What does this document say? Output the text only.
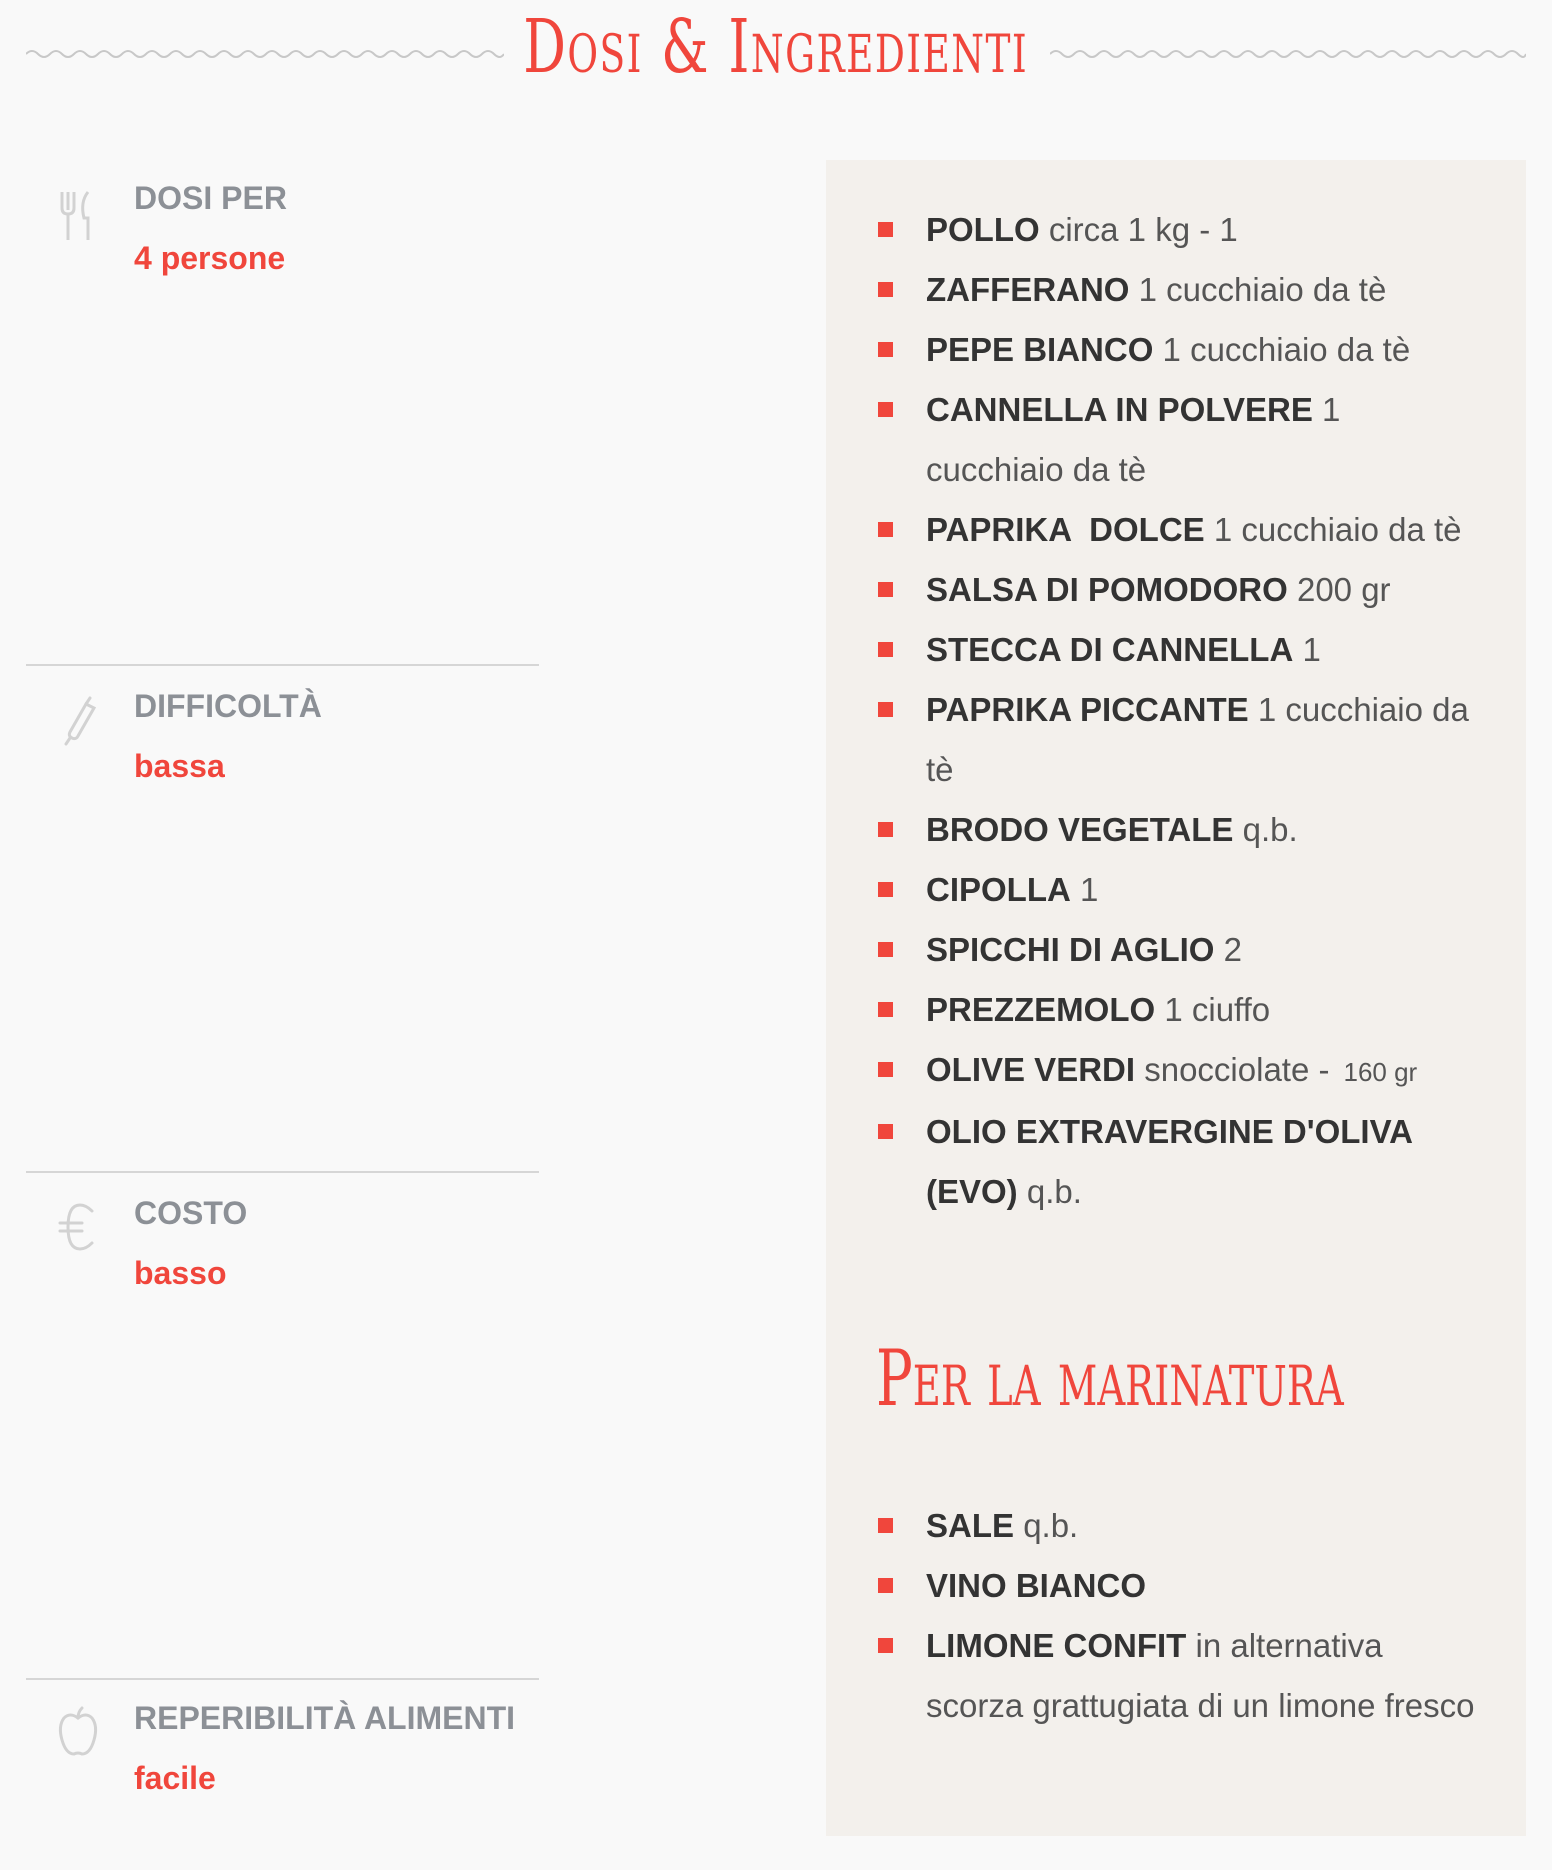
Dosi & Ingredienti
DOSI PER
4 persone
DIFFICOLTÀ
bassa
COSTO
basso
REPERIBILITÀ ALIMENTI
facile
POLLO circa 1 kg - 1
ZAFFERANO 1 cucchiaio da tè
PEPE BIANCO 1 cucchiaio da tè
CANNELLA IN POLVERE 1 cucchiaio da tè
PAPRIKA  DOLCE 1 cucchiaio da tè
SALSA DI POMODORO 200 gr
STECCA DI CANNELLA 1
PAPRIKA PICCANTE 1 cucchiaio da tè
BRODO VEGETALE q.b.
CIPOLLA 1
SPICCHI DI AGLIO 2
PREZZEMOLO 1 ciuffo
OLIVE VERDI snocciolate - 160 gr
OLIO EXTRAVERGINE D'OLIVA (EVO) q.b.
Per la marinatura
SALE q.b.
VINO BIANCO
LIMONE CONFIT in alternativa scorza grattugiata di un limone fresco
